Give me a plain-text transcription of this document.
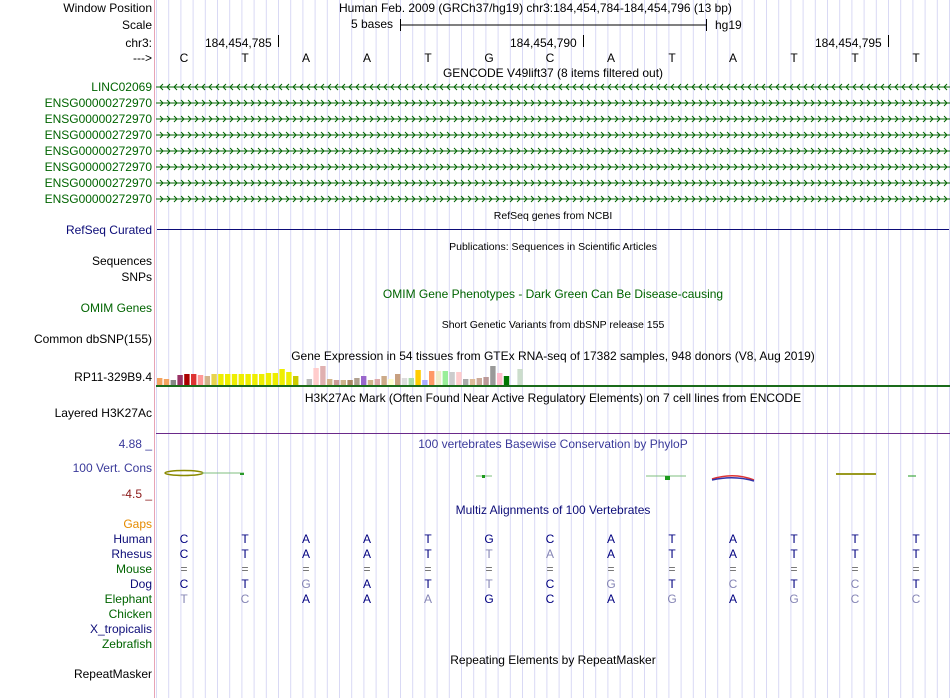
Window Position	Human Feb. 2009 (GRCh37/hg19) chr3:184,454,784-184,454,796 (13 bp)
Scale	5 bases	hg19
chr3:	184,454,785	184,454,790	184,454,795
--->	C	T	A	A	T	G	C	A	T	A	T	T	T
GENCODE V49lift37 (8 items filtered out)
LINC02069
ENSG00000272970
ENSG00000272970
ENSG00000272970
ENSG00000272970
ENSG00000272970
ENSG00000272970
ENSG00000272970
RefSeq genes from NCBI
RefSeq Curated
Publications: Sequences in Scientific Articles
Sequences
SNPs
OMIM Gene Phenotypes - Dark Green Can Be Disease-causing
OMIM Genes
Short Genetic Variants from dbSNP release 155
Common dbSNP(155)
Gene Expression in 54 tissues from GTEx RNA-seq of 17382 samples, 948 donors (V8, Aug 2019)
RP11-329B9.4
H3K27Ac Mark (Often Found Near Active Regulatory Elements) on 7 cell lines from ENCODE
Layered H3K27Ac
100 vertebrates Basewise Conservation by PhyloP
4.88 _
100 Vert. Cons
-4.5 _
Multiz Alignments of 100 Vertebrates
Gaps
Human	C	T	A	A	T	G	C	A	T	A	T	T	T
Rhesus	C	T	A	A	T	T	A	A	T	A	T	T	T
Mouse	=	=	=	=	=	=	=	=	=	=	=	=	=
Dog	C	T	G	A	T	T	C	G	T	C	T	C	T
Elephant	T	C	A	A	A	G	C	A	G	A	G	C	C
Chicken
X_tropicalis
Zebrafish
Repeating Elements by RepeatMasker
RepeatMasker
